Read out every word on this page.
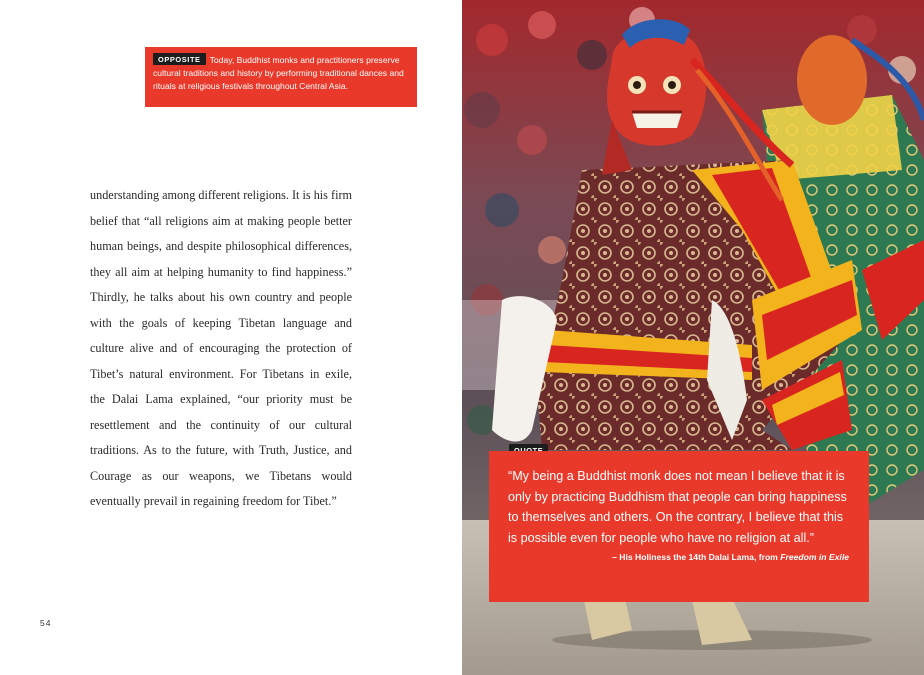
OPPOSITE Today, Buddhist monks and practitioners preserve cultural traditions and history by performing traditional dances and rituals at religious festivals throughout Central Asia.

understanding among different religions. It is his firm belief that “all religions aim at making people better human beings, and despite philosophical differences, they all aim at helping humanity to find happiness.” Thirdly, he talks about his own country and people with the goals of keeping Tibetan language and culture alive and of encouraging the protection of Tibet’s natural environment. For Tibetans in exile, the Dalai Lama explained, “our priority must be resettlement and the continuity of our cultural traditions. As to the future, with Truth, Justice, and Courage as our weapons, we Tibetans would eventually prevail in regaining freedom for Tibet.”

54

“My being a Buddhist monk does not mean I believe that it is only by practicing Buddhism that people can bring happiness to themselves and others. On the contrary, I believe that this is possible even for people who have no religion at all.”

– His Holiness the 14th Dalai Lama, from Freedom in Exile
